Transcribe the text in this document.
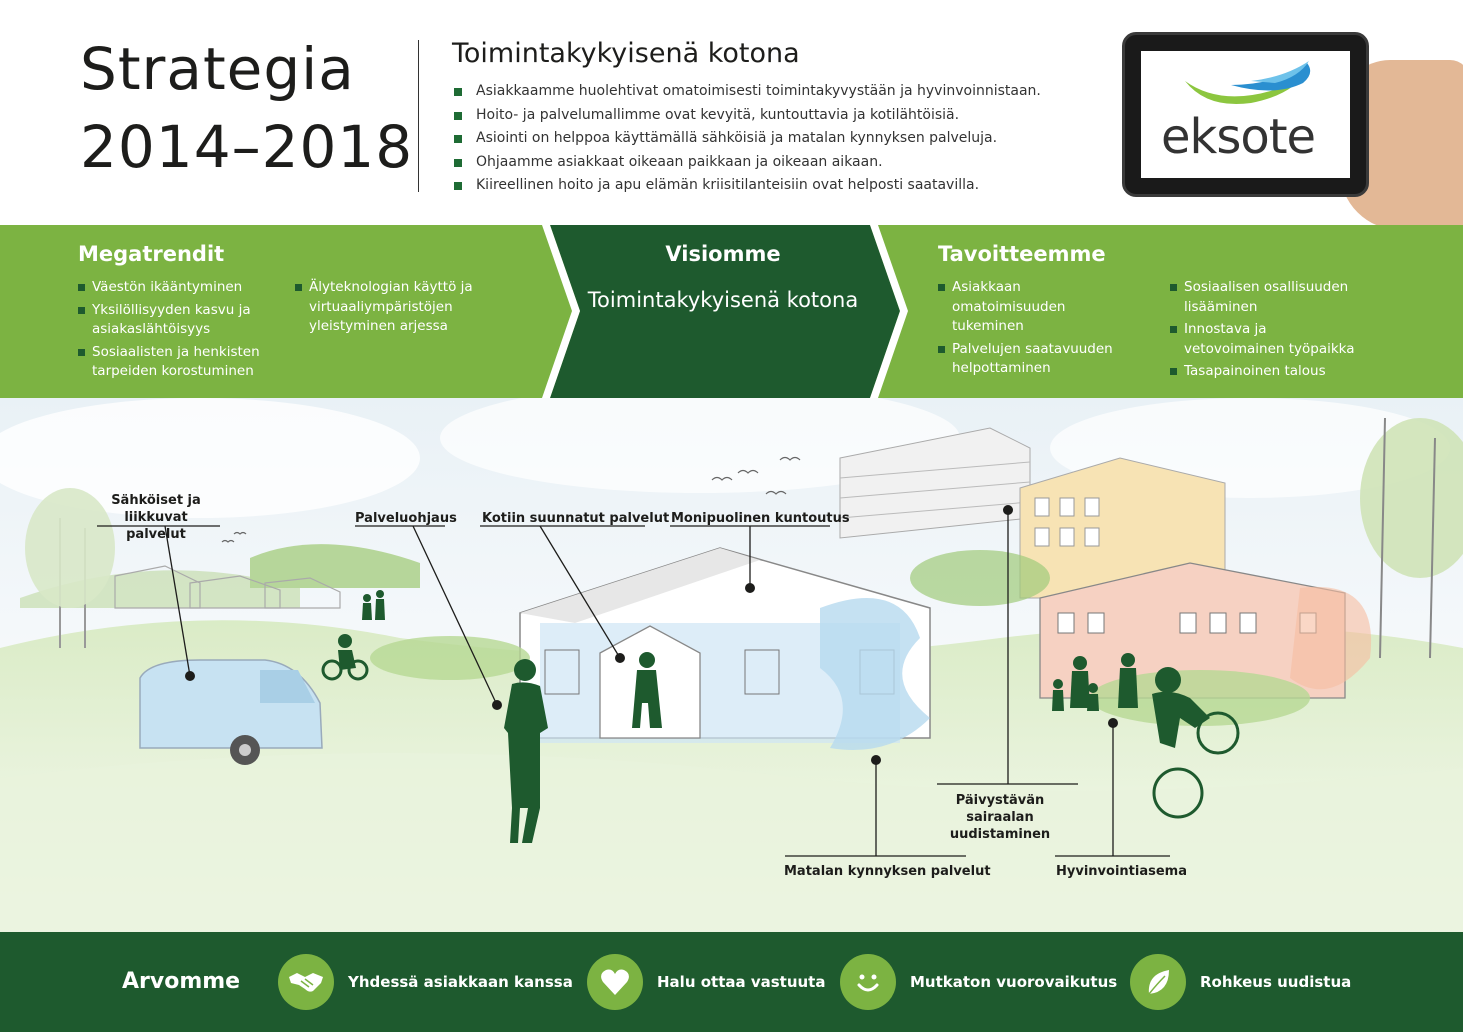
Strategia
2014–2018
Toimintakykyisenä kotona
Asiakkaamme huolehtivat omatoimisesti toimintakyvystään ja hyvinvoinnistaan.
Hoito- ja palvelumallimme ovat kevyitä, kuntouttavia ja kotilähtöisiä.
Asiointi on helppoa käyttämällä sähköisiä ja matalan kynnyksen palveluja.
Ohjaamme asiakkaat oikeaan paikkaan ja oikeaan aikaan.
Kiireellinen hoito ja apu elämän kriisitilanteisiin ovat helposti saatavilla.
eksote
Megatrendit
Väestön ikääntyminen
Yksilöllisyyden kasvu ja asiakaslähtöisyys
Sosiaalisten ja henkisten tarpeiden korostuminen
Älyteknologian käyttö ja virtuaaliympäristöjen yleistyminen arjessa
Visiomme
Toimintakykyisenä kotona
Tavoitteemme
Asiakkaan omatoimisuuden tukeminen
Palvelujen saatavuuden helpottaminen
Sosiaalisen osallisuuden lisääminen
Innostava ja vetovoimainen työpaikka
Tasapainoinen talous
Sähköiset ja liikkuvat palvelut
Palveluohjaus Kotiin suunnatut palvelut Monipuolinen kuntoutus
Päivystävän sairaalan uudistaminen
Matalan kynnyksen palvelut	Hyvinvointiasema
Arvomme	Yhdessä asiakkaan kanssa	Halu ottaa vastuuta	Mutkaton vuorovaikutus	Rohkeus uudistua
